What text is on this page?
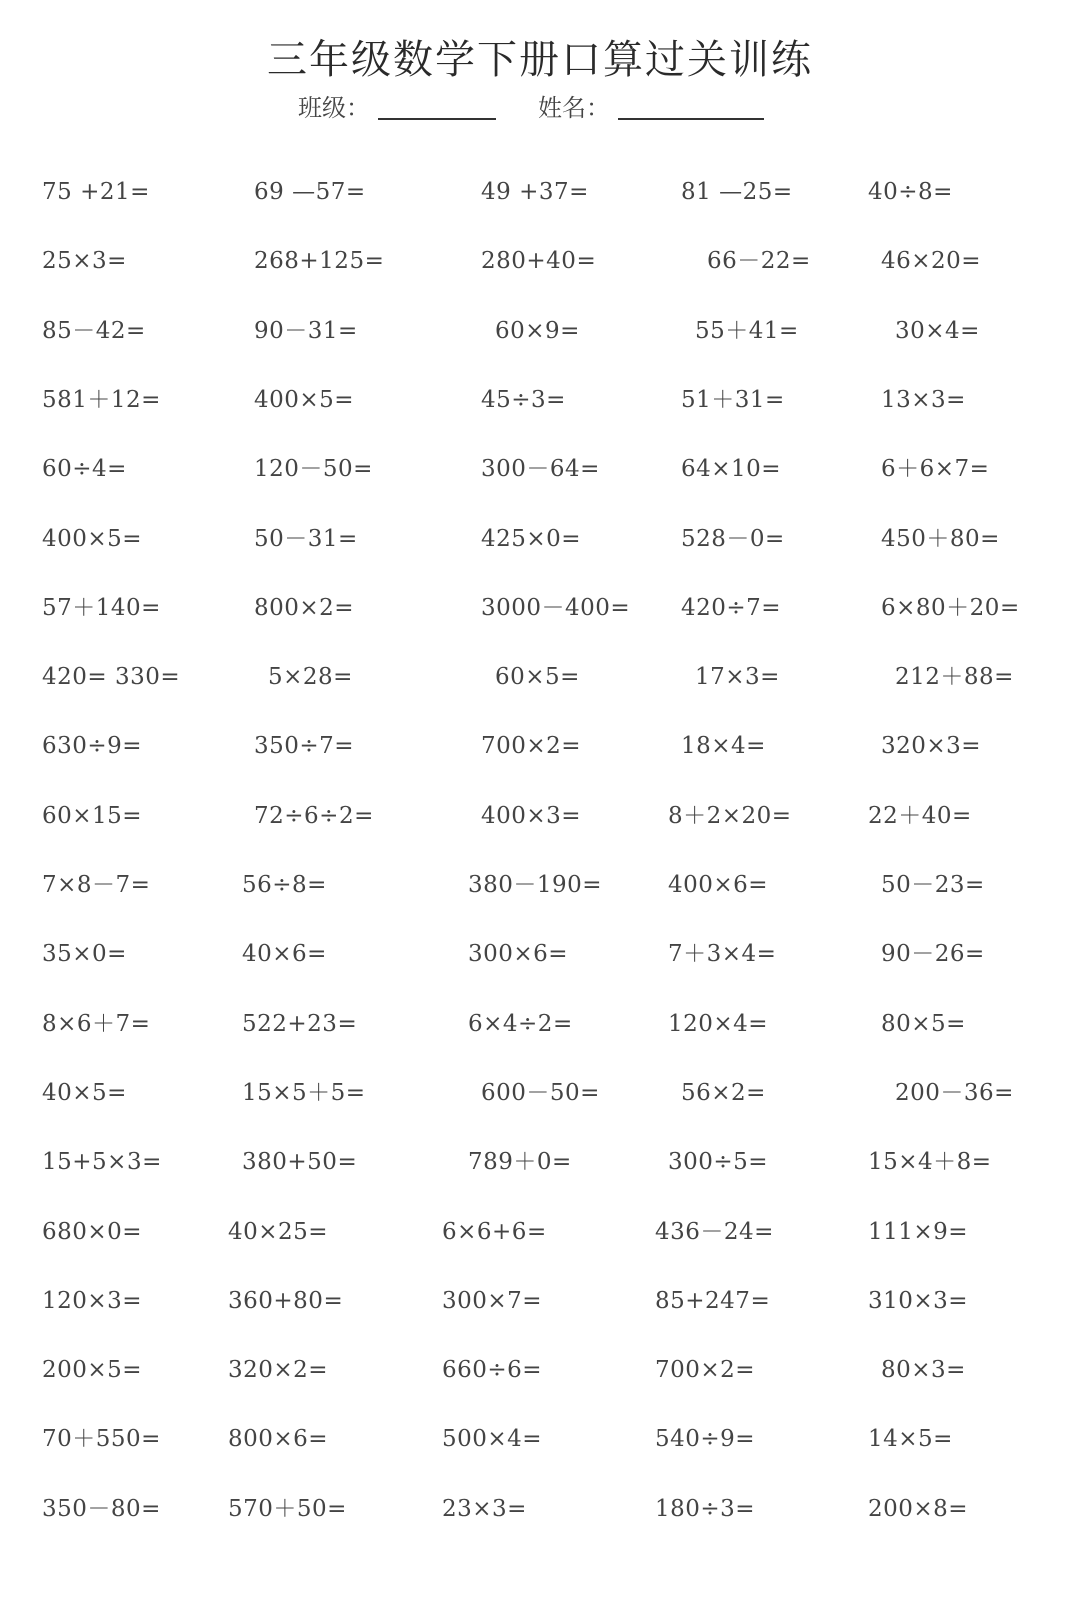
三年级数学下册口算过关训练
班级：	姓名：
75 +21=	69 —57=	49 +37=	81 —25=	40÷8=
25×3=	268+125=	280+40=	66－22=	46×20=
85－42=	90－31=	60×9=	55＋41=	30×4=
581＋12=	400×5=	45÷3=	51＋31=	13×3=
60÷4=	120－50=	300－64=	64×10=	6＋6×7=
400×5=	50－31=	425×0=	528－0=	450＋80=
57＋140=	800×2=	3000－400= 420÷7=	6×80＋20=
420= 330=	5×28=	60×5=	17×3=	212＋88=
630÷9=	350÷7=	700×2=	18×4=	320×3=
60×15=	72÷6÷2=	400×3=	8＋2×20=	22＋40=
7×8－7=	56÷8=	380－190=	400×6=	50－23=
35×0=	40×6=	300×6=	7＋3×4=	90－26=
8×6＋7=	522+23=	6×4÷2=	120×4=	80×5=
40×5=	15×5＋5=	600－50=	56×2=	200－36=
15+5×3=	380+50=	789＋0=	300÷5=	15×4＋8=
680×0=	40×25=	6×6+6=	436－24=	111×9=
120×3=	360+80=	300×7=	85+247=	310×3=
200×5=	320×2=	660÷6=	700×2=	80×3=
70＋550=	800×6=	500×4=	540÷9=	14×5=
350－80=	570＋50=	23×3=	180÷3=	200×8=
